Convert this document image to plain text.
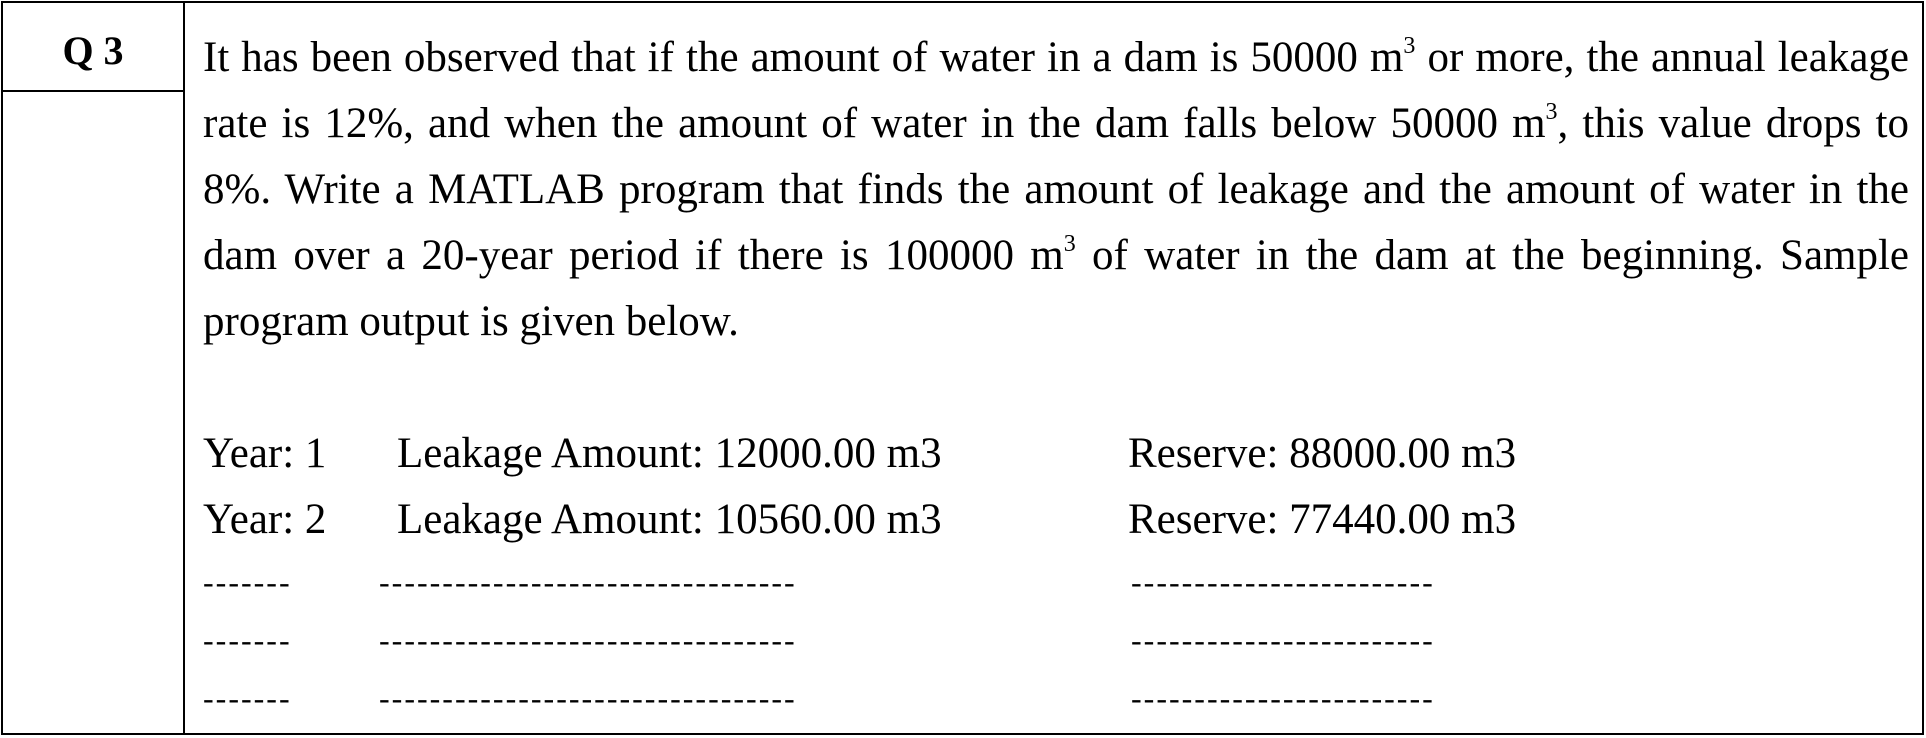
Q 3 It has been observed that if the amount of water in a dam is 50000 $m^3$ or more, the annual leakage rate is 12%, and when the amount of water in the dam falls below 50000 $m^3$, this value drops to 8%. Write a MATLAB program that finds the amount of leakage and the amount of water in the dam over a 20-year period if there is 100000 $m^3$ of water in the dam at the beginning. Sample program output is given below.

Year: 1 Leakage Amount: 12000.00 m3	Reserve: 88000.00 m3
Year: 2 Leakage Amount: 10560.00 m3	Reserve: 77440.00 m3
-------	---------------------------------	------------------------
-------	---------------------------------	------------------------
-------	---------------------------------	------------------------
